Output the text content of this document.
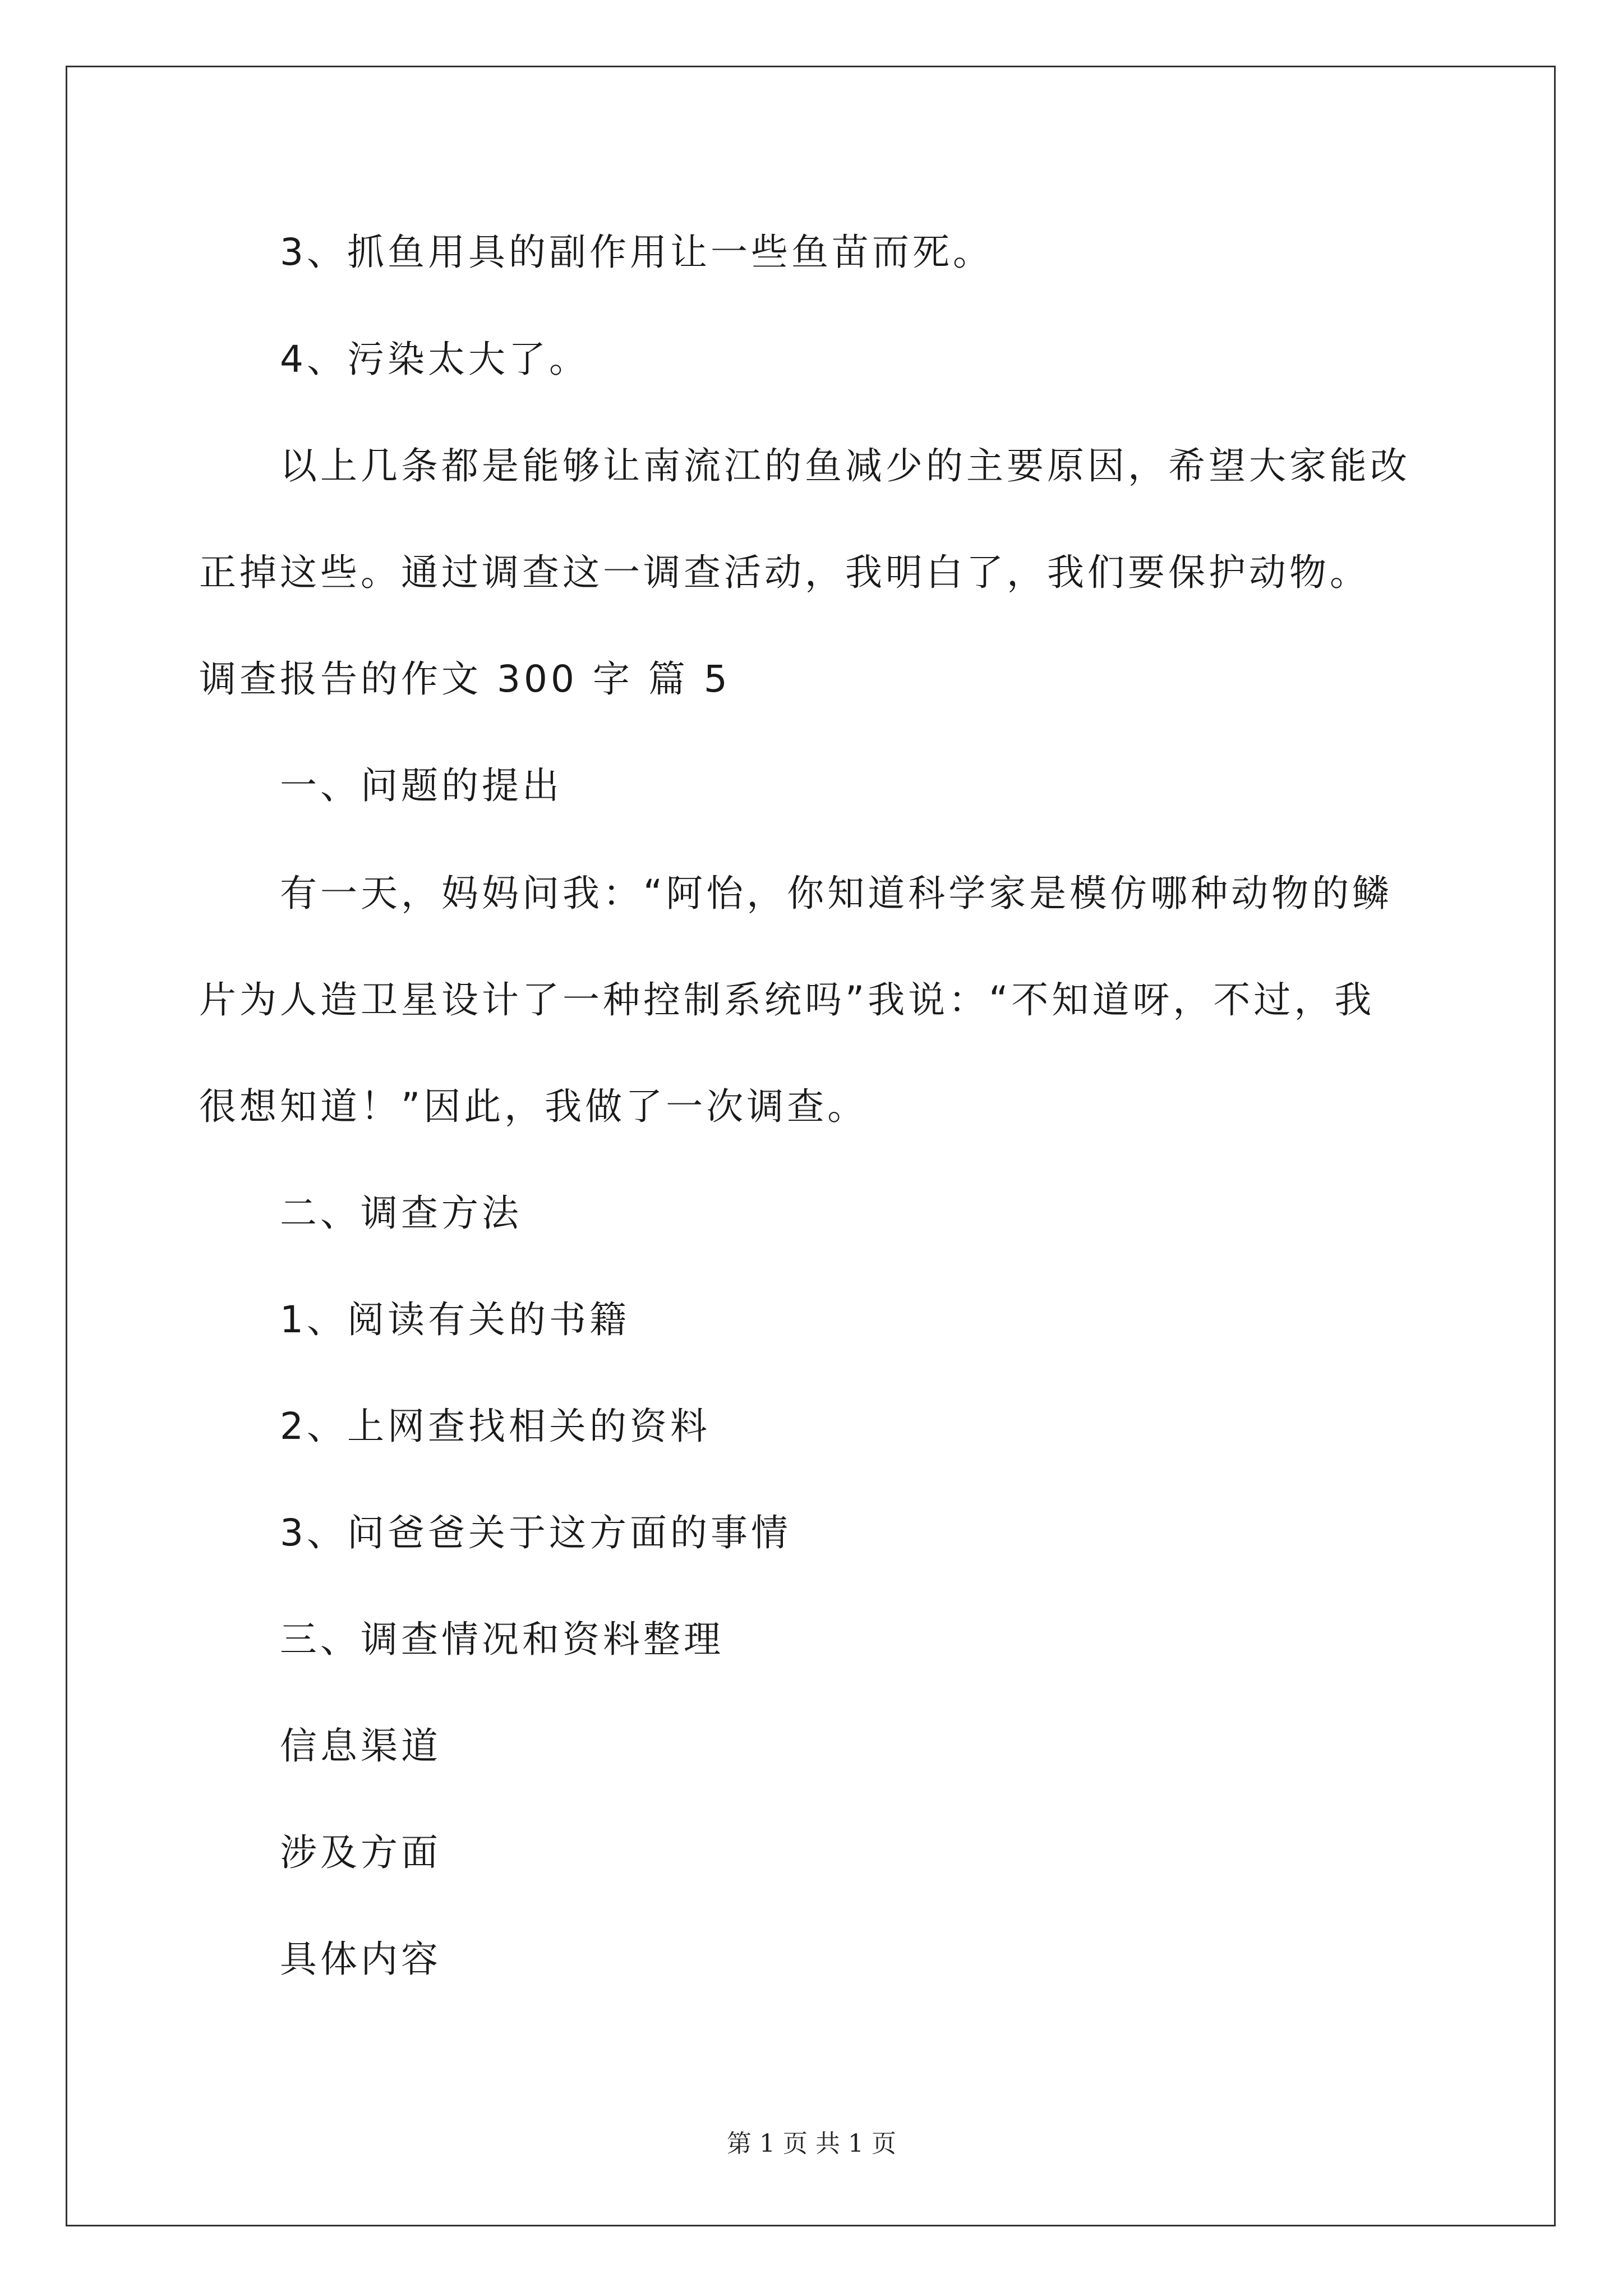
3、抓鱼用具的副作用让一些鱼苗而死。
4、污染太大了。
以上几条都是能够让南流江的鱼减少的主要原因，希望大家能改
正掉这些。通过调查这一调查活动，我明白了，我们要保护动物。
调查报告的作文 300 字 篇 5
一、问题的提出
有一天，妈妈问我：“阿怡，你知道科学家是模仿哪种动物的鳞
片为人造卫星设计了一种控制系统吗”我说：“不知道呀，不过，我
很想知道！”因此，我做了一次调查。
二、调查方法
1、阅读有关的书籍
2、上网查找相关的资料
3、问爸爸关于这方面的事情
三、调查情况和资料整理
信息渠道
涉及方面
具体内容
第 1 页 共 1 页
